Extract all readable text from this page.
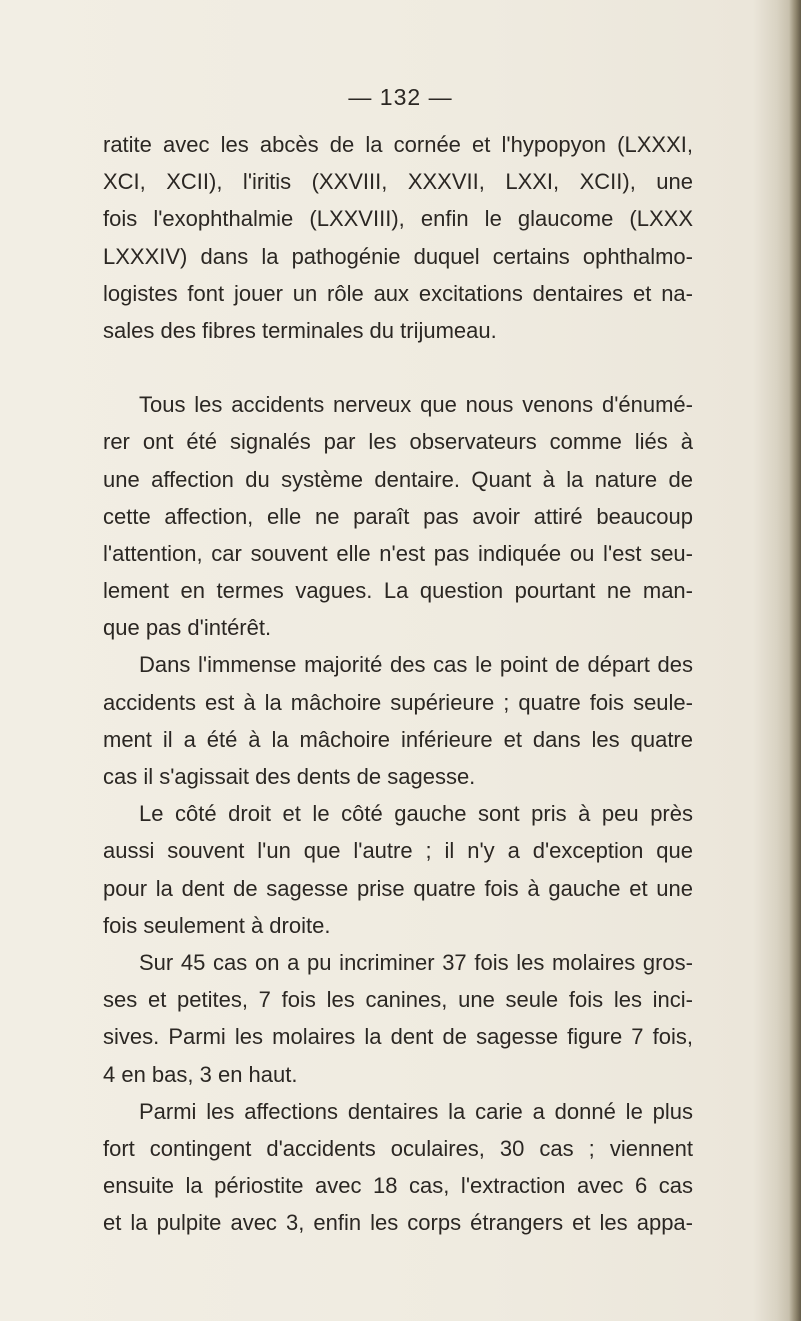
— 132 —
ratite avec les abcès de la cornée et l'hypopyon (LXXXI,
XCI, XCII), l'iritis (XXVIII, XXXVII, LXXI, XCII), une
fois l'exophthalmie (LXXVIII), enfin le glaucome (LXXX
LXXXIV) dans la pathogénie duquel certains ophthalmo-
logistes font jouer un rôle aux excitations dentaires et na-
sales des fibres terminales du trijumeau.
Tous les accidents nerveux que nous venons d'énumé-
rer ont été signalés par les observateurs comme liés à
une affection du système dentaire. Quant à la nature de
cette affection, elle ne paraît pas avoir attiré beaucoup
l'attention, car souvent elle n'est pas indiquée ou l'est seu-
lement en termes vagues. La question pourtant ne man-
que pas d'intérêt.
Dans l'immense majorité des cas le point de départ des
accidents est à la mâchoire supérieure ; quatre fois seule-
ment il a été à la mâchoire inférieure et dans les quatre
cas il s'agissait des dents de sagesse.
Le côté droit et le côté gauche sont pris à peu près
aussi souvent l'un que l'autre ; il n'y a d'exception que
pour la dent de sagesse prise quatre fois à gauche et une
fois seulement à droite.
Sur 45 cas on a pu incriminer 37 fois les molaires gros-
ses et petites, 7 fois les canines, une seule fois les inci-
sives. Parmi les molaires la dent de sagesse figure 7 fois,
4 en bas, 3 en haut.
Parmi les affections dentaires la carie a donné le plus
fort contingent d'accidents oculaires, 30 cas ; viennent
ensuite la périostite avec 18 cas, l'extraction avec 6 cas
et la pulpite avec 3, enfin les corps étrangers et les appa-
